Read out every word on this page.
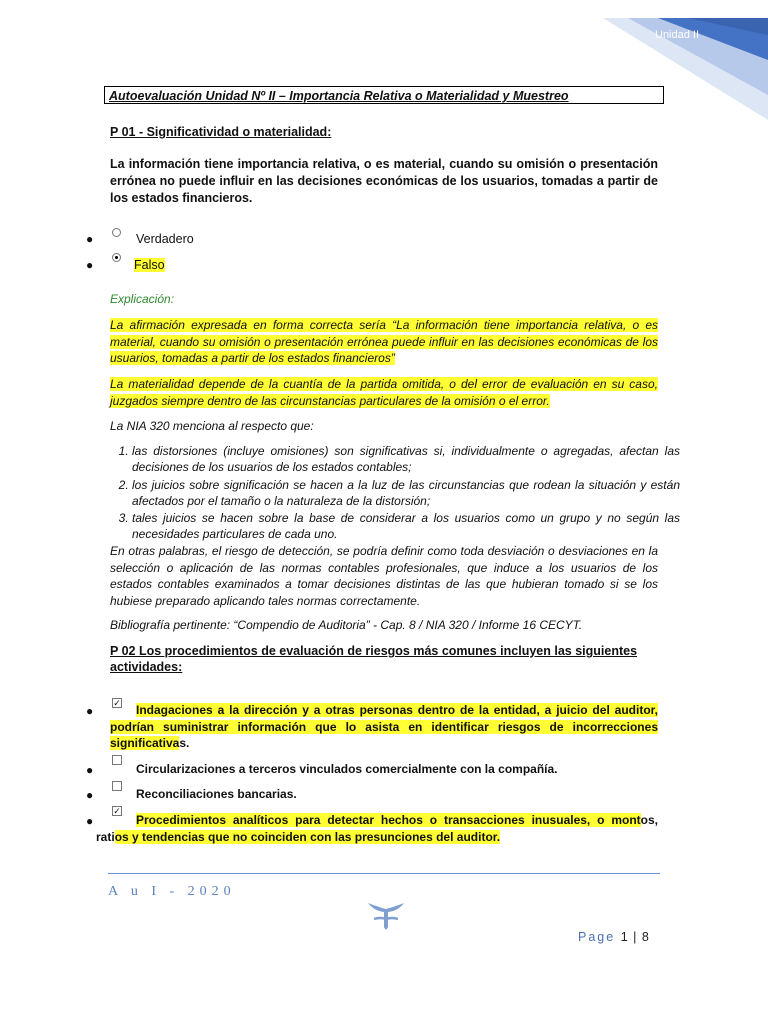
Unidad II
Autoevaluación Unidad Nº II – Importancia Relativa o Materialidad y Muestreo
P 01 - Significatividad o materialidad:
La información tiene importancia relativa, o es material, cuando su omisión o presentación errónea no puede influir en las decisiones económicas de los usuarios, tomadas a partir de los estados financieros.
●	Verdadero
●	Falso
Explicación:
La afirmación expresada en forma correcta sería “La información tiene importancia relativa, o es material, cuando su omisión o presentación errónea puede influir en las decisiones económicas de los usuarios, tomadas a partir de los estados financieros”
La materialidad depende de la cuantía de la partida omitida, o del error de evaluación en su caso, juzgados siempre dentro de las circunstancias particulares de la omisión o el error.
La NIA 320 menciona al respecto que:
1. las distorsiones (incluye omisiones) son significativas si, individualmente o agregadas, afectan las decisiones de los usuarios de los estados contables;
2. los juicios sobre significación se hacen a la luz de las circunstancias que rodean la situación y están afectados por el tamaño o la naturaleza de la distorsión;
3. tales juicios se hacen sobre la base de considerar a los usuarios como un grupo y no según las necesidades particulares de cada uno.
En otras palabras, el riesgo de detección, se podría definir como toda desviación o desviaciones en la selección o aplicación de las normas contables profesionales, que induce a los usuarios de los estados contables examinados a tomar decisiones distintas de las que hubieran tomado si se los hubiese preparado aplicando tales normas correctamente.
Bibliografía pertinente: “Compendio de Auditoria” - Cap. 8 / NIA 320 / Informe 16 CECYT.
P 02 Los procedimientos de evaluación de riesgos más comunes incluyen las siguientes actividades:
●
✓	Indagaciones a la dirección y a otras personas dentro de la entidad, a juicio del auditor, podrían suministrar información que lo asista en identificar riesgos de incorrecciones significativas.
●	Circularizaciones a terceros vinculados comercialmente con la compañía.
●	Reconciliaciones bancarias.
●
✓
Procedimientos analíticos para detectar hechos o transacciones inusuales, o montos, ratios y tendencias que no coinciden con las presunciones del auditor.
A u I - 2020
Page 1 | 8
